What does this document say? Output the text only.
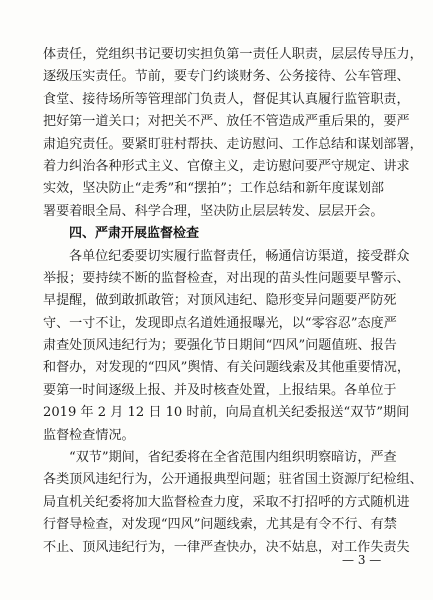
体责任，党组织书记要切实担负第一责任人职责，层层传导压力，
逐级压实责任。节前，要专门约谈财务、公务接待、公车管理、
食堂、接待场所等管理部门负责人，督促其认真履行监管职责，
把好第一道关口；对把关不严、放任不管造成严重后果的，要严
肃追究责任。要紧盯驻村帮扶、走访慰问、工作总结和谋划部署，
着力纠治各种形式主义、官僚主义，走访慰问要严守规定、讲求
实效，坚决防止“走秀”和“摆拍”；工作总结和新年度谋划部
署要着眼全局、科学合理，坚决防止层层转发、层层开会。
四、严肃开展监督检查
各单位纪委要切实履行监督责任，畅通信访渠道，接受群众
举报；要持续不断的监督检查，对出现的苗头性问题要早警示、
早提醒，做到敢抓敢管；对顶风违纪、隐形变异问题要严防死
守、一寸不让，发现即点名道姓通报曝光，以“零容忍”态度严
肃查处顶风违纪行为；要强化节日期间“四风”问题值班、报告
和督办，对发现的“四风”舆情、有关问题线索及其他重要情况，
要第一时间逐级上报、并及时核查处置，上报结果。各单位于
2019 年 2 月 12 日 10 时前，向局直机关纪委报送“双节”期间
监督检查情况。
“双节”期间，省纪委将在全省范围内组织明察暗访，严查
各类顶风违纪行为，公开通报典型问题；驻省国土资源厅纪检组、
局直机关纪委将加大监督检查力度，采取不打招呼的方式随机进
行督导检查，对发现“四风”问题线索，尤其是有令不行、有禁
不止、顶风违纪行为，一律严查快办，决不姑息，对工作失责失
— 3 —
